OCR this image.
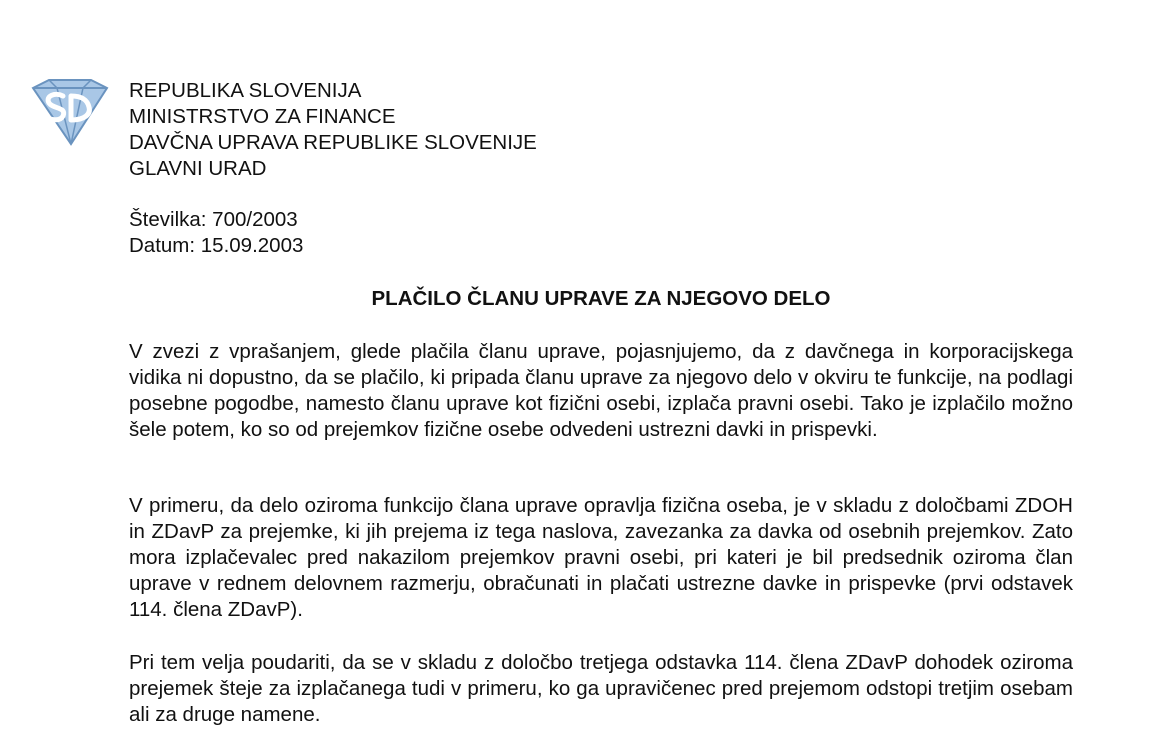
REPUBLIKA SLOVENIJA
MINISTRSTVO ZA FINANCE
DAVČNA UPRAVA REPUBLIKE SLOVENIJE
GLAVNI URAD
Številka: 700/2003
Datum: 15.09.2003
PLAČILO ČLANU UPRAVE ZA NJEGOVO DELO

V zvezi z vprašanjem, glede plačila članu uprave, pojasnjujemo, da z davčnega in korporacijskega vidika ni dopustno, da se plačilo, ki pripada članu uprave za njegovo delo v okviru te funkcije, na podlagi posebne pogodbe, namesto članu uprave kot fizični osebi, izplača pravni osebi. Tako je izplačilo možno šele potem, ko so od prejemkov fizične osebe odvedeni ustrezni davki in prispevki.

V primeru, da delo oziroma funkcijo člana uprave opravlja fizična oseba, je v skladu z določbami ZDOH in ZDavP za prejemke, ki jih prejema iz tega naslova, zavezanka za davka od osebnih prejemkov. Zato mora izplačevalec pred nakazilom prejemkov pravni osebi, pri kateri je bil predsednik oziroma član uprave v rednem delovnem razmerju, obračunati in plačati ustrezne davke in prispevke (prvi odstavek 114. člena ZDavP).

Pri tem velja poudariti, da se v skladu z določbo tretjega odstavka 114. člena ZDavP dohodek oziroma prejemek šteje za izplačanega tudi v primeru, ko ga upravičenec pred prejemom odstopi tretjim osebam ali za druge namene.
